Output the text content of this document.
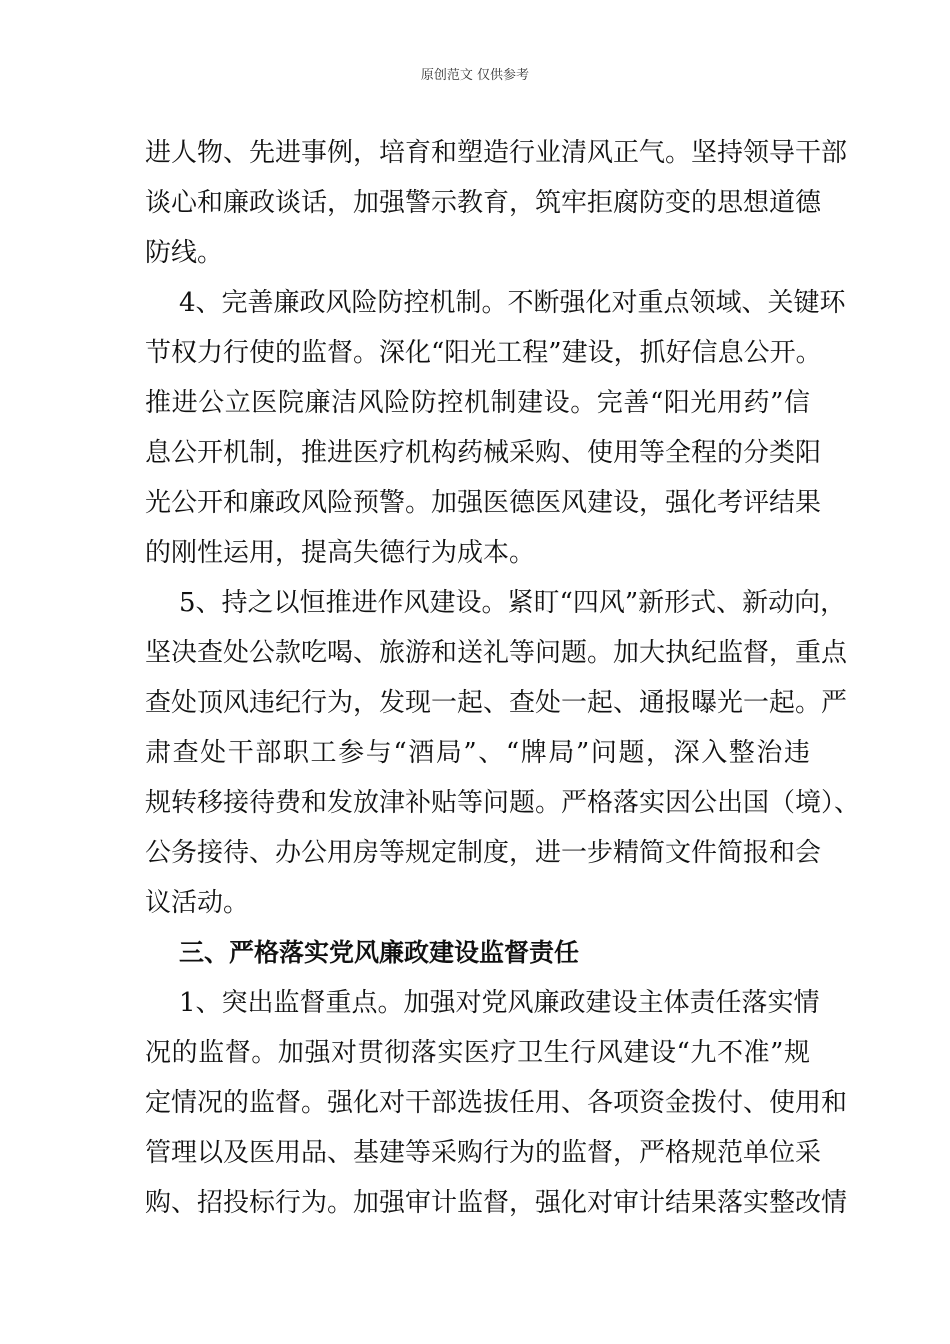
原创范文 仅供参考
进人物、先进事例，培育和塑造行业清风正气。坚持领导干部
谈心和廉政谈话，加强警示教育，筑牢拒腐防变的思想道德
防线。
4、完善廉政风险防控机制。不断强化对重点领域、关键环
节权力行使的监督。深化“阳光工程”建设，抓好信息公开。
推进公立医院廉洁风险防控机制建设。完善“阳光用药”信
息公开机制，推进医疗机构药械采购、使用等全程的分类阳
光公开和廉政风险预警。加强医德医风建设，强化考评结果
的刚性运用，提高失德行为成本。
5、持之以恒推进作风建设。紧盯“四风”新形式、新动向，
坚决查处公款吃喝、旅游和送礼等问题。加大执纪监督，重点
查处顶风违纪行为，发现一起、查处一起、通报曝光一起。严
肃查处干部职工参与“酒局”、“牌局”问题，深入整治违
规转移接待费和发放津补贴等问题。严格落实因公出国（境）、
公务接待、办公用房等规定制度，进一步精简文件简报和会
议活动。
三、严格落实党风廉政建设监督责任
1、突出监督重点。加强对党风廉政建设主体责任落实情
况的监督。加强对贯彻落实医疗卫生行风建设“九不准”规
定情况的监督。强化对干部选拔任用、各项资金拨付、使用和
管理以及医用品、基建等采购行为的监督，严格规范单位采
购、招投标行为。加强审计监督，强化对审计结果落实整改情
